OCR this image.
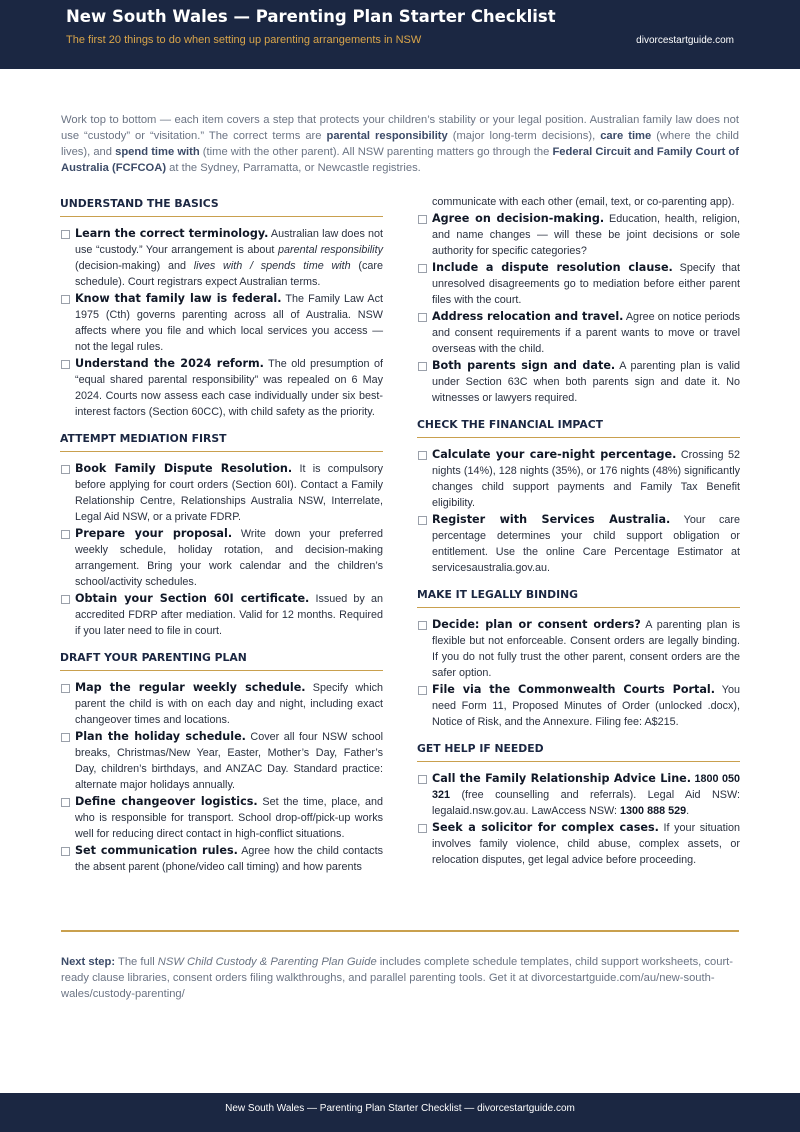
New South Wales — Parenting Plan Starter Checklist
The first 20 things to do when setting up parenting arrangements in NSW	divorcestartguide.com
Work top to bottom — each item covers a step that protects your children’s stability or your legal position. Australian family law does not use “custody” or “visitation.” The correct terms are parental responsibility (major long-term decisions), care time (where the child lives), and spend time with (time with the other parent). All NSW parenting matters go through the Federal Circuit and Family Court of Australia (FCFCOA) at the Sydney, Parramatta, or Newcastle registries.
UNDERSTAND THE BASICS
Learn the correct terminology. Australian law does not use “custody.” Your arrangement is about parental responsibility (decision-making) and lives with / spends time with (care schedule). Court registrars expect Australian terms.
Know that family law is federal. The Family Law Act 1975 (Cth) governs parenting across all of Australia. NSW affects where you file and which local services you access — not the legal rules.
Understand the 2024 reform. The old presumption of “equal shared parental responsibility” was repealed on 6 May 2024. Courts now assess each case individually under six best-interest factors (Section 60CC), with child safety as the priority.
ATTEMPT MEDIATION FIRST
Book Family Dispute Resolution. It is compulsory before applying for court orders (Section 60I). Contact a Family Relationship Centre, Relationships Australia NSW, Interrelate, Legal Aid NSW, or a private FDRP.
Prepare your proposal. Write down your preferred weekly schedule, holiday rotation, and decision-making arrangement. Bring your work calendar and the children’s school/activity schedules.
Obtain your Section 60I certificate. Issued by an accredited FDRP after mediation. Valid for 12 months. Required if you later need to file in court.
DRAFT YOUR PARENTING PLAN
Map the regular weekly schedule. Specify which parent the child is with on each day and night, including exact changeover times and locations.
Plan the holiday schedule. Cover all four NSW school breaks, Christmas/New Year, Easter, Mother’s Day, Father’s Day, children’s birthdays, and ANZAC Day. Standard practice: alternate major holidays annually.
Define changeover logistics. Set the time, place, and who is responsible for transport. School drop-off/pick-up works well for reducing direct contact in high-conflict situations.
Set communication rules. Agree how the child contacts the absent parent (phone/video call timing) and how parents
communicate with each other (email, text, or co-parenting app).
Agree on decision-making. Education, health, religion, and name changes — will these be joint decisions or sole authority for specific categories?
Include a dispute resolution clause. Specify that unresolved disagreements go to mediation before either parent files with the court.
Address relocation and travel. Agree on notice periods and consent requirements if a parent wants to move or travel overseas with the child.
Both parents sign and date. A parenting plan is valid under Section 63C when both parents sign and date it. No witnesses or lawyers required.
CHECK THE FINANCIAL IMPACT
Calculate your care-night percentage. Crossing 52 nights (14%), 128 nights (35%), or 176 nights (48%) significantly changes child support payments and Family Tax Benefit eligibility.
Register with Services Australia. Your care percentage determines your child support obligation or entitlement. Use the online Care Percentage Estimator at servicesaustralia.gov.au.
MAKE IT LEGALLY BINDING
Decide: plan or consent orders? A parenting plan is flexible but not enforceable. Consent orders are legally binding. If you do not fully trust the other parent, consent orders are the safer option.
File via the Commonwealth Courts Portal. You need Form 11, Proposed Minutes of Order (unlocked .docx), Notice of Risk, and the Annexure. Filing fee: A$215.
GET HELP IF NEEDED
Call the Family Relationship Advice Line. 1800 050 321 (free counselling and referrals). Legal Aid NSW: legalaid.nsw.gov.au. LawAccess NSW: 1300 888 529.
Seek a solicitor for complex cases. If your situation involves family violence, child abuse, complex assets, or relocation disputes, get legal advice before proceeding.
Next step: The full NSW Child Custody & Parenting Plan Guide includes complete schedule templates, child support worksheets, court-ready clause libraries, consent orders filing walkthroughs, and parallel parenting tools. Get it at divorcestartguide.com/au/new-south-wales/custody-parenting/
New South Wales — Parenting Plan Starter Checklist — divorcestartguide.com
